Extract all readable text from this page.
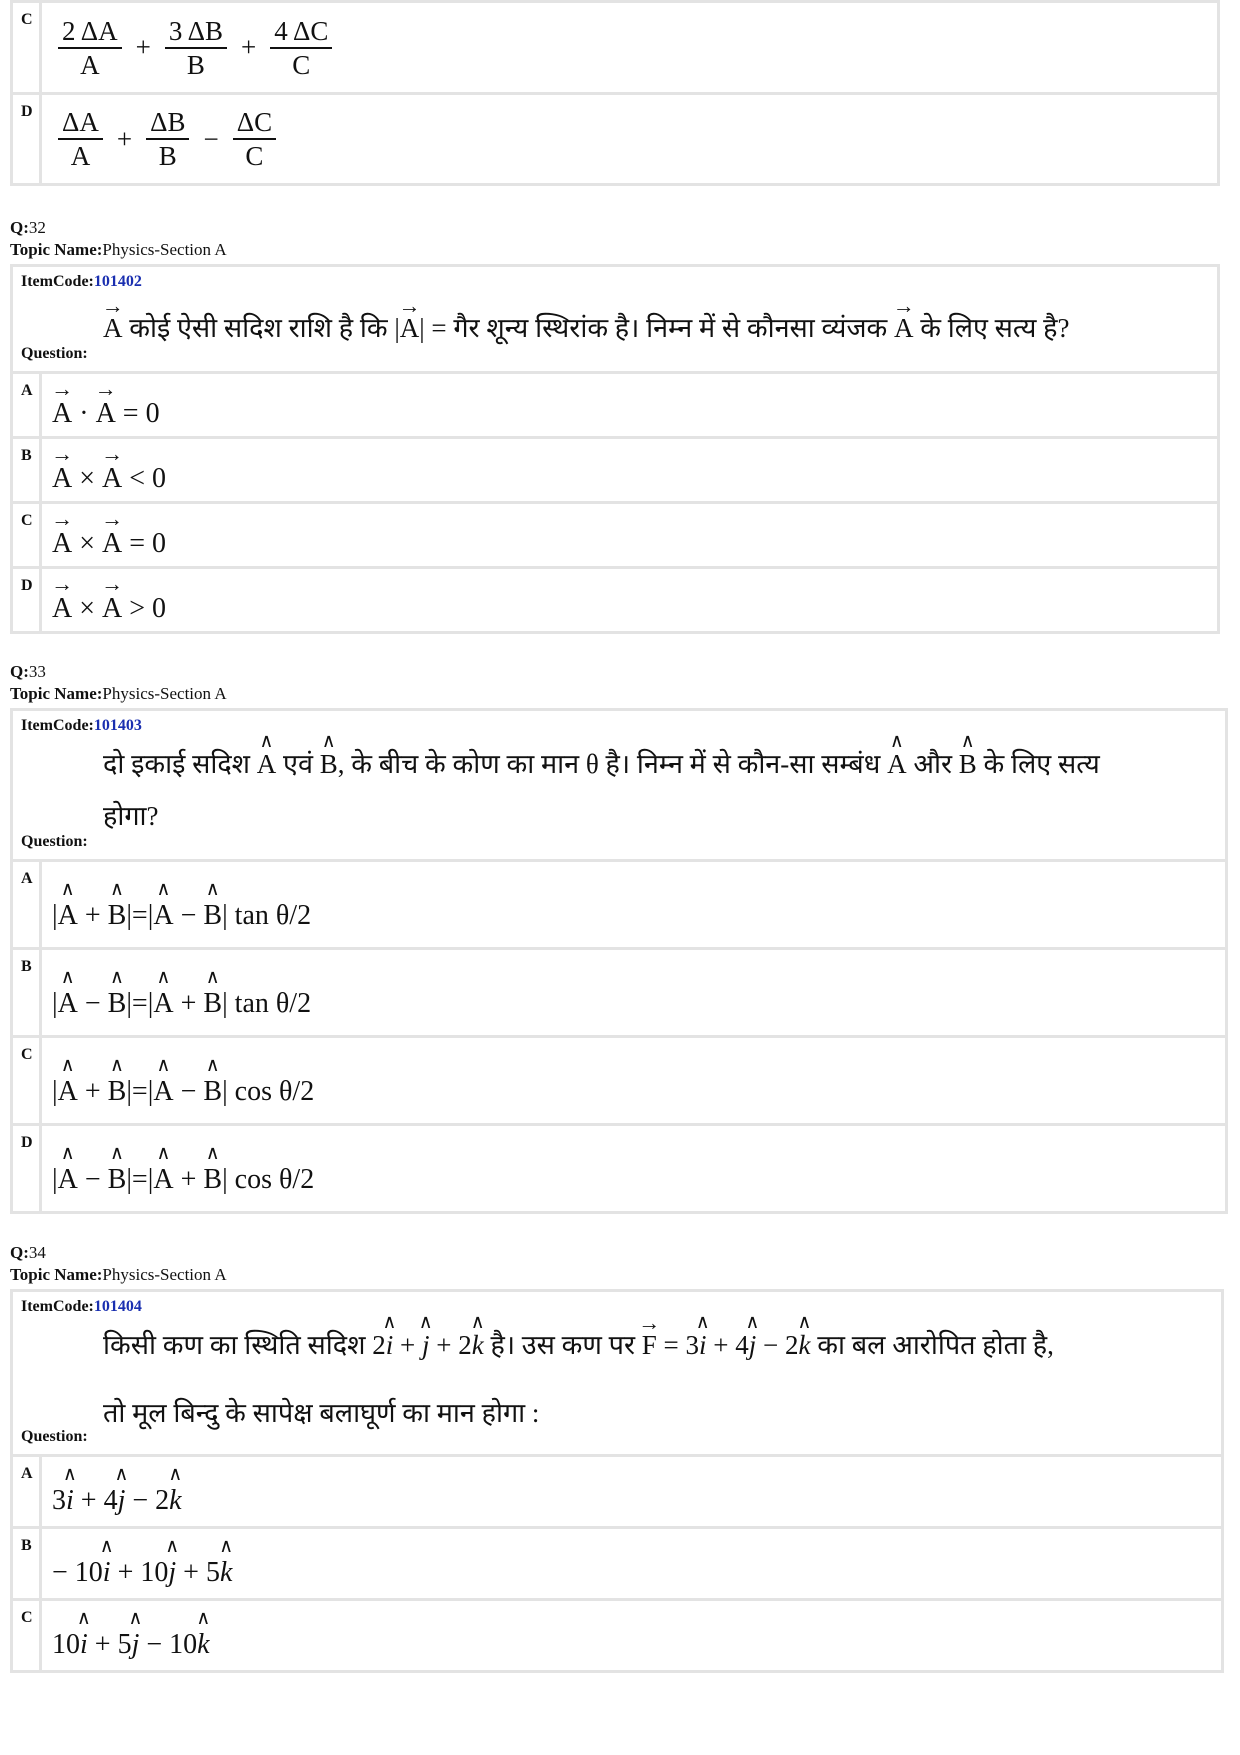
C $\frac{2 \Delta A}{A} + \frac{3 \Delta B}{B} + \frac{4 \Delta C}{C}$
D $\frac{\Delta A}{A} + \frac{\Delta B}{B} - \frac{\Delta C}{C}$
Q:32
Topic Name:Physics-Section A
ItemCode:101402
→ A कोई ऐसी सदिश राशि है कि |→ A| = गैर शून्य स्थिरांक है। निम्न में से कौनसा व्यंजक → A के लिए सत्य है?
Question:
A
→ A · → A = 0
B
→ A × → A < 0
C
→ A × → A = 0
D
→ A × → A > 0
Q:33
Topic Name:Physics-Section A
ItemCode:101403
दो इकाई सदिश ∧ A एवं ∧ B, के बीच के कोण का मान θ है। निम्न में से कौन-सा सम्बंध ∧ A और ∧ B के लिए सत्य
होगा?
Question:
A
| ∧ A
+
∧ B |=| ∧ A
−
∧ B | tan θ/2
B
| ∧ A
−
∧ B |=| ∧ A
+
∧ B | tan θ/2
C
| ∧ A
+
∧ B |=| ∧ A
−
∧ B | cos θ/2
D
| ∧ A
−
∧ B |=| ∧ A
+
∧ B | cos θ/2
Q:34
Topic Name:Physics-Section A
ItemCode:101404
किसी कण का स्थिति सदिश 2∧ i + ∧ j + 2∧ k है। उस कण पर → F = 3∧ i + 4∧ j − 2∧ k का बल आरोपित होता है,
तो मूल बिन्दु के सापेक्ष बलाघूर्ण का मान होगा :
Question:
A
3 ∧ i + 4 ∧ j − 2 ∧ k
B
− 10 ∧ i + 10 ∧ j + 5 ∧ k
C
10 ∧ i + 5 ∧ j − 10 ∧ k
